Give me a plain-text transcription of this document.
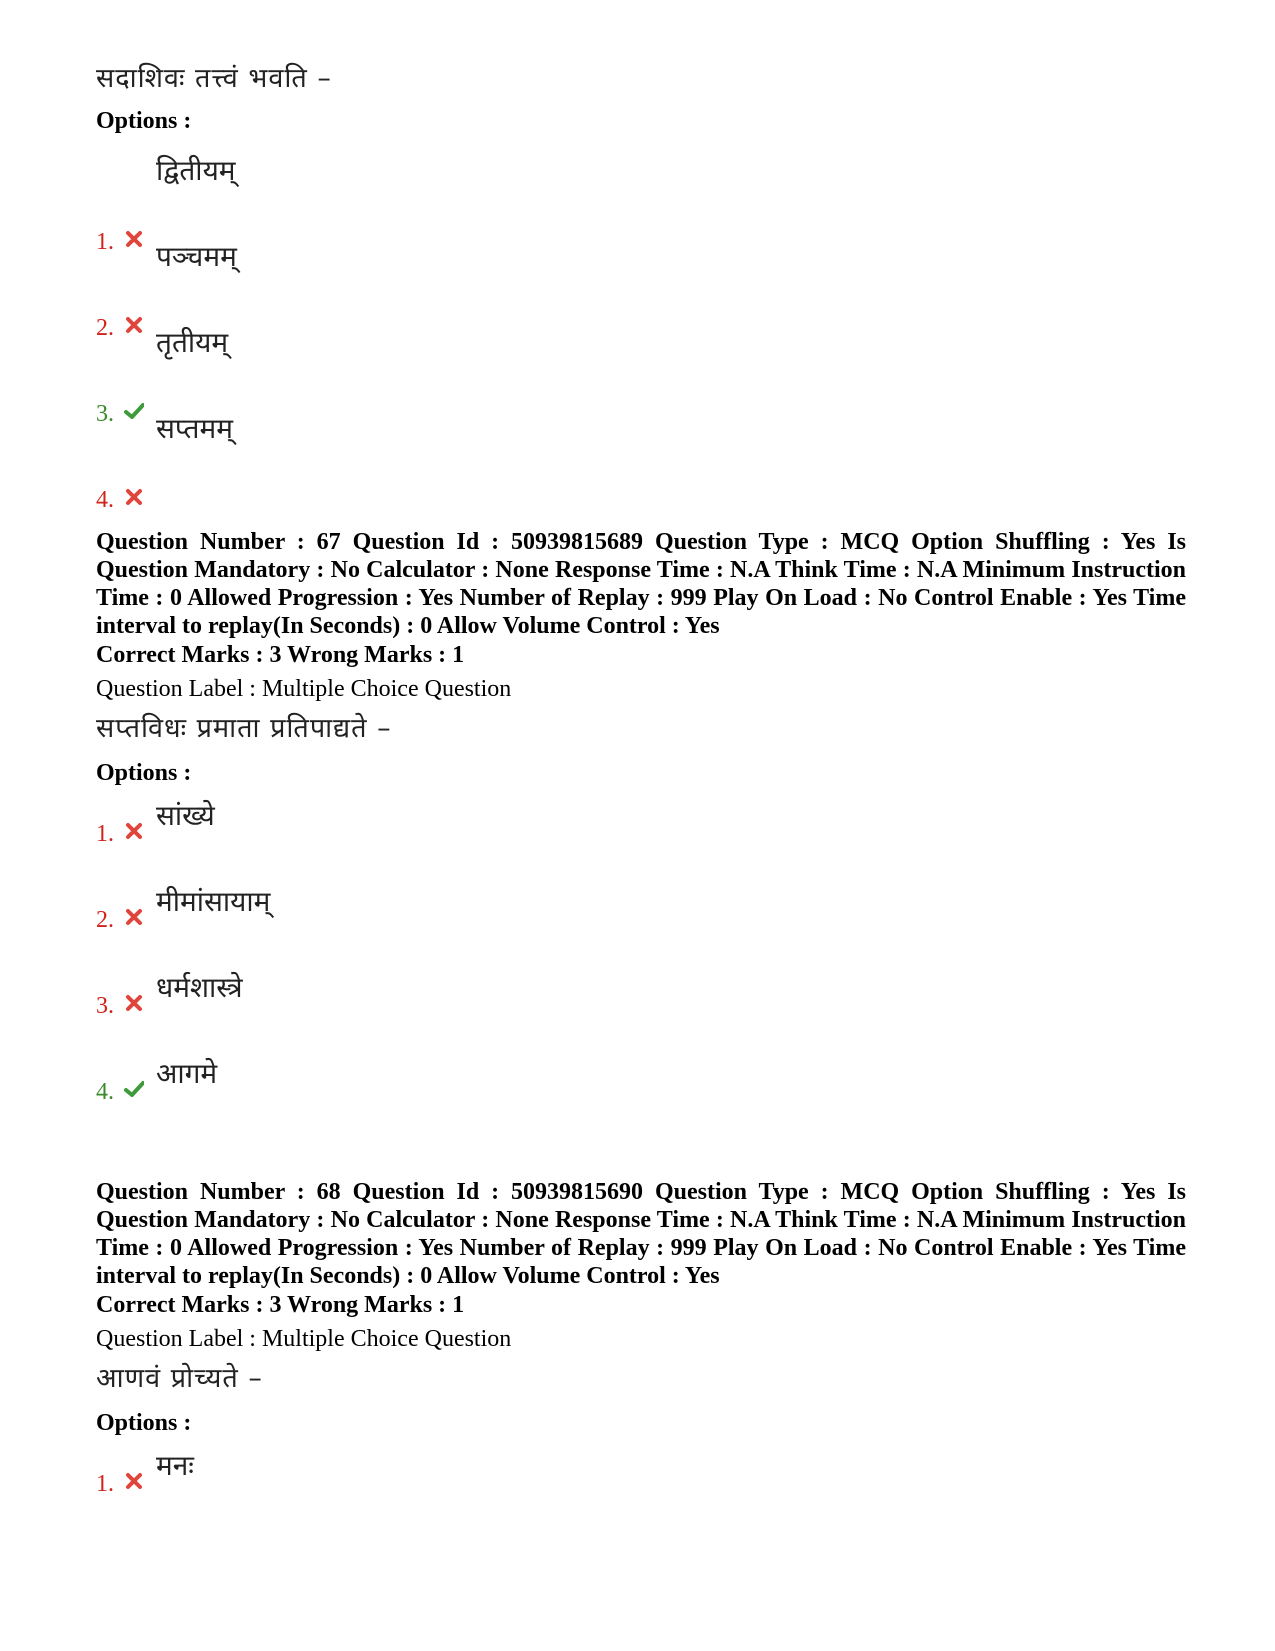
सदाशिवः तत्त्वं भवति –
Options :
1.
द्वितीयम्
2.
पञ्चमम्
3.
तृतीयम्
4.
सप्तमम्

Question Number : 67 Question Id : 50939815689 Question Type : MCQ Option Shuffling : Yes Is Question Mandatory : No Calculator : None Response Time : N.A Think Time : N.A Minimum Instruction Time : 0 Allowed Progression : Yes Number of Replay : 999 Play On Load : No Control Enable : Yes Time interval to replay(In Seconds) : 0 Allow Volume Control : Yes

Correct Marks : 3 Wrong Marks : 1
Question Label : Multiple Choice Question
सप्तविधः प्रमाता प्रतिपाद्यते –
Options :
1.
सांख्ये
2.
मीमांसायाम्
3.
धर्मशास्त्रे
4.
आगमे

Question Number : 68 Question Id : 50939815690 Question Type : MCQ Option Shuffling : Yes Is Question Mandatory : No Calculator : None Response Time : N.A Think Time : N.A Minimum Instruction Time : 0 Allowed Progression : Yes Number of Replay : 999 Play On Load : No Control Enable : Yes Time interval to replay(In Seconds) : 0 Allow Volume Control : Yes

Correct Marks : 3 Wrong Marks : 1
Question Label : Multiple Choice Question
आणवं प्रोच्यते –
Options :
1.
मनः
